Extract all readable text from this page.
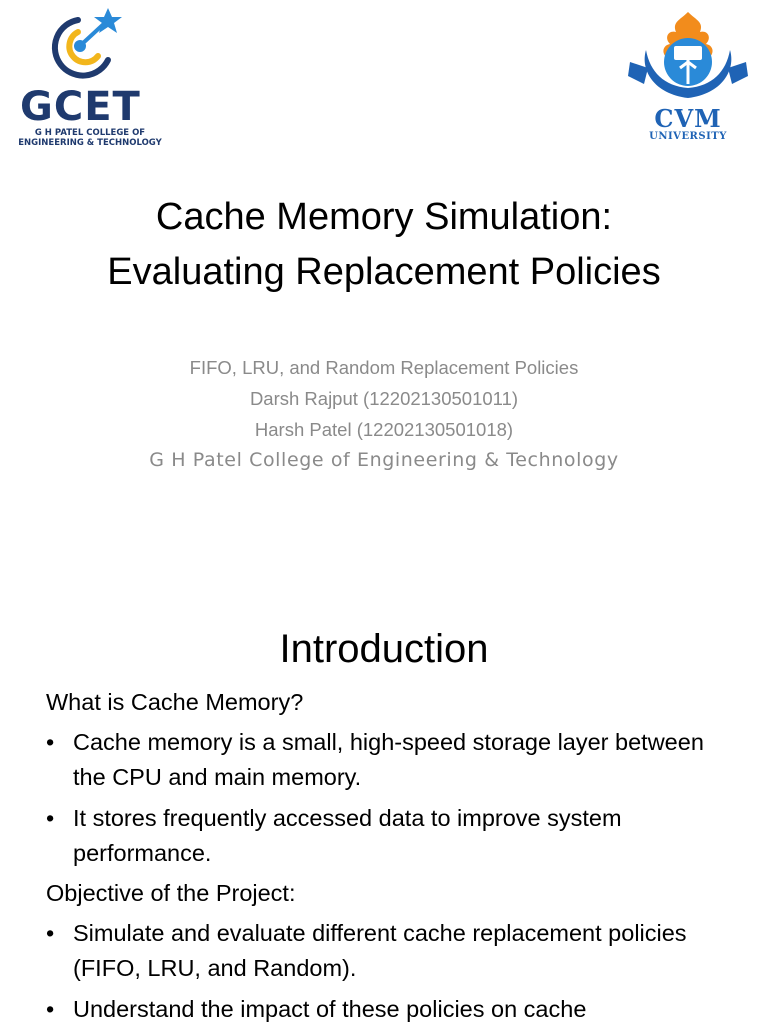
GCET
G H PATEL COLLEGE OF
ENGINEERING & TECHNOLOGY
CVM
UNIVERSITY
Cache Memory Simulation:
Evaluating Replacement Policies
FIFO, LRU, and Random Replacement Policies
Darsh Rajput (12202130501011)
Harsh Patel (12202130501018)
G H Patel College of Engineering & Technology
Introduction
What is Cache Memory?
• Cache memory is a small, high-speed storage layer between the CPU and main memory.
• It stores frequently accessed data to improve system performance.
Objective of the Project:
• Simulate and evaluate different cache replacement policies (FIFO, LRU, and Random).
• Understand the impact of these policies on cache
